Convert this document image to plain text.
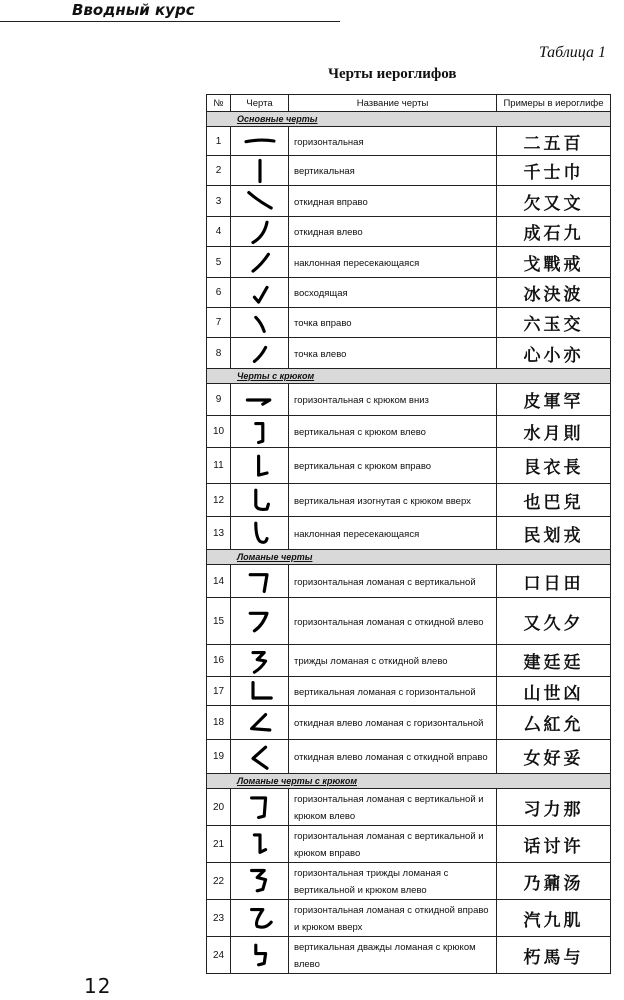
Вводный курс
Таблица 1
Черты иероглифов
№	Черта	Название черты	Примеры в иероглифе
Основные черты			
1		горизонтальная	二五百
2		вертикальная	千士巾
3		откидная вправо	欠又文
4		откидная влево	成石九
5		наклонная пересекающаяся	戈戰戒
6		восходящая	冰決波
7		точка вправо	六玉交
8		точка влево	心小亦
Черты с крюком			
9		горизонтальная с крюком вниз	皮軍罕
10		вертикальная с крюком влево	水月則
11		вертикальная с крюком вправо	艮衣長
12		вертикальная изогнутая с крюком вверх	也巴兒
13		наклонная пересекающаяся	民划戎
Ломаные черты			
14		горизонтальная ломаная с вертикальной	口日田
15		горизонтальная ломаная с откидной влево	又久夕
16		трижды ломаная с откидной влево	建廷廷
17		вертикальная ломаная с горизонтальной	山世凶
18		откидная влево ломаная с горизонтальной	厶紅允
19		откидная влево ломаная с откидной вправо	女好妥
Ломаные черты с крюком			
20		горизонтальная ломаная с вертикальной и крюком влево	习力那
21		горизонтальная ломаная с вертикальной и крюком вправо	话讨许
22		горизонтальная трижды ломаная с вертикальной и крюком влево	乃鼐汤
23		горизонтальная ломаная с откидной вправо и крюком вверх	汽九肌
24		вертикальная дважды ломаная с крюком влево	朽馬与
12
